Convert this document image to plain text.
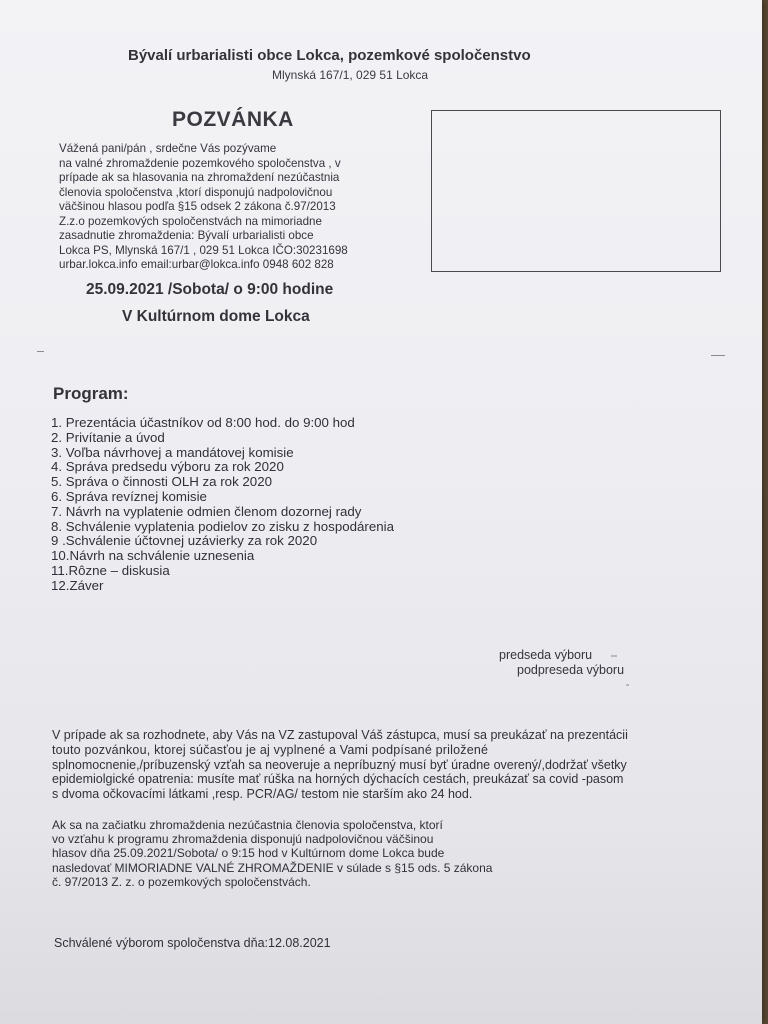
Bývalí urbarialisti obce Lokca, pozemkové spoločenstvo
Mlynská 167/1, 029 51 Lokca
POZVÁNKA
Vážená pani/pán , srdečne Vás pozývame
na valné zhromaždenie pozemkového spoločenstva , v
prípade ak sa hlasovania na zhromaždení nezúčastnia
členovia spoločenstva ,ktorí disponujú nadpolovičnou
väčšinou hlasou podľa §15 odsek 2 zákona č.97/2013
Z.z.o pozemkových spoločenstvách na mimoriadne
zasadnutie zhromaždenia: Bývalí urbarialisti obce
Lokca PS, Mlynská 167/1 , 029 51 Lokca IČO:30231698
urbar.lokca.info email:urbar@lokca.info 0948 602 828
25.09.2021 /Sobota/ o 9:00 hodine
V Kultúrnom dome Lokca
Program:
1. Prezentácia účastníkov od 8:00 hod. do 9:00 hod
2. Privítanie a úvod
3. Voľba návrhovej a mandátovej komisie
4. Správa predsedu výboru za rok 2020
5. Správa o činnosti OLH za rok 2020
6. Správa revíznej komisie
7. Návrh na vyplatenie odmien členom dozornej rady
8. Schválenie vyplatenia podielov zo zisku z hospodárenia
9 .Schválenie účtovnej uzávierky za rok 2020
10.Návrh na schválenie uznesenia
11.Rôzne – diskusia
12.Záver
predseda výboru
podpreseda výboru
V prípade ak sa rozhodnete, aby Vás na VZ zastupoval Váš zástupca, musí sa preukázať na prezentácii
touto pozvánkou, ktorej súčasťou je aj vyplnené a Vami podpísané priložené
splnomocnenie,/príbuzenský vzťah sa neoveruje a nepríbuzný musí byť úradne overený/,dodržať všetky
epidemiolgické opatrenia: musíte mať rúška na horných dýchacích cestách, preukázať sa covid -pasom
s dvoma očkovacími látkami ,resp. PCR/AG/ testom nie starším ako 24 hod.
Ak sa na začiatku zhromaždenia nezúčastnia členovia spoločenstva, ktorí
vo vzťahu k programu zhromaždenia disponujú nadpolovičnou väčšinou
hlasov dňa 25.09.2021/Sobota/ o 9:15 hod v Kultúrnom dome Lokca bude
nasledovať MIMORIADNE VALNÉ ZHROMAŽDENIE v súlade s §15 ods. 5 zákona
č. 97/2013 Z. z. o pozemkových spoločenstvách.
Schválené výborom spoločenstva dňa:12.08.2021
